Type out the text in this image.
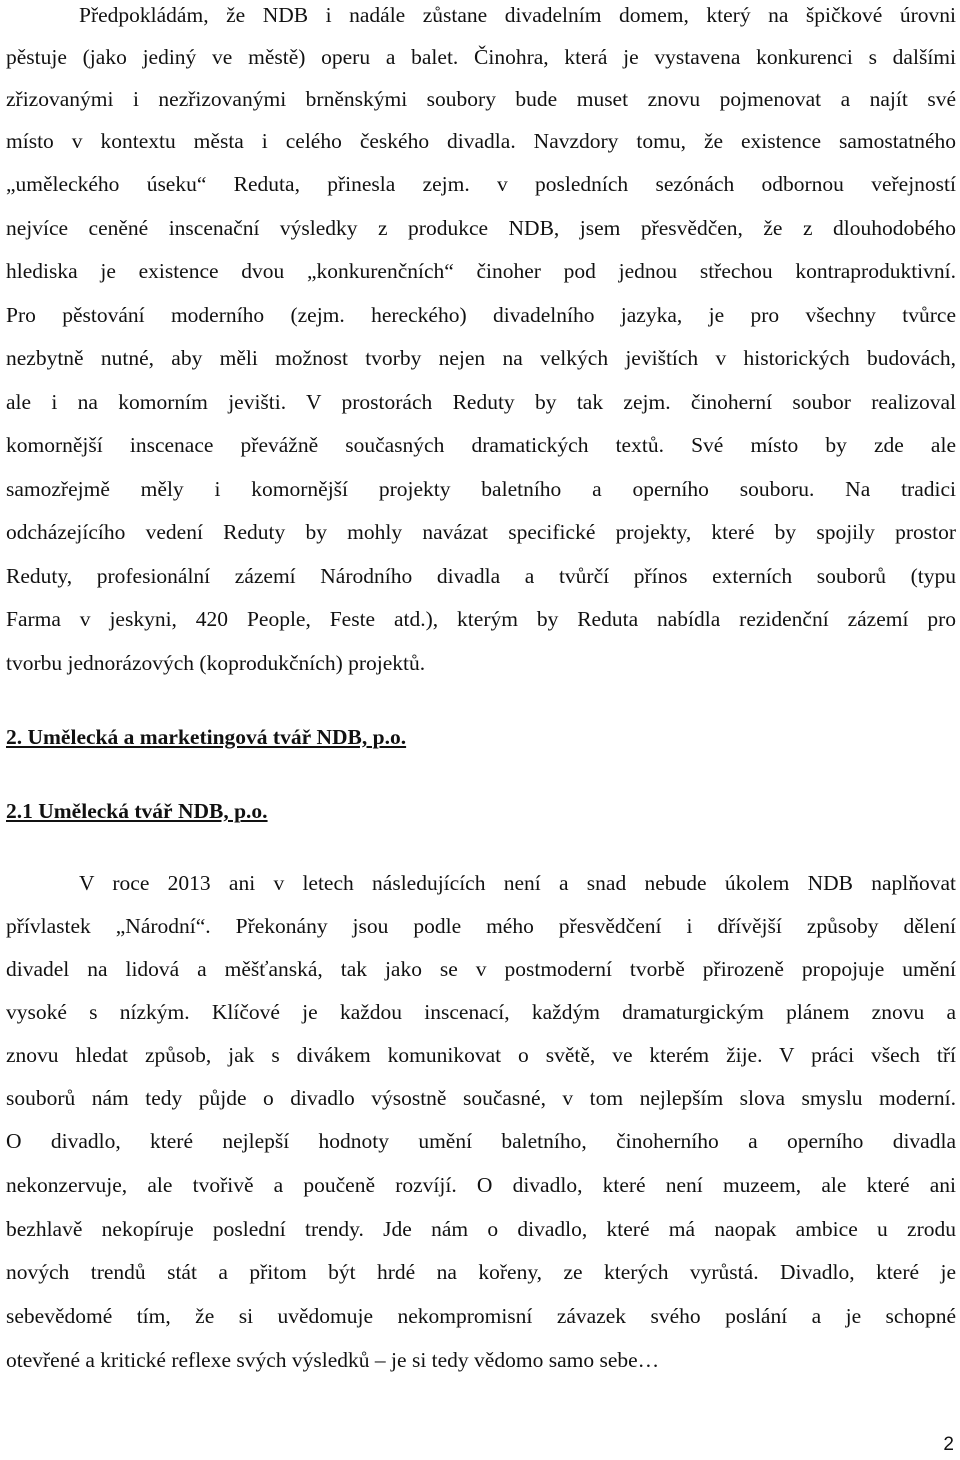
Předpokládám, že NDB i nadále zůstane divadelním domem, který na špičkové úrovni
pěstuje (jako jediný ve městě) operu a balet. Činohra, která je vystavena konkurenci s dalšími
zřizovanými i nezřizovanými brněnskými soubory bude muset znovu pojmenovat a najít své
místo v kontextu města i celého českého divadla. Navzdory tomu, že existence samostatného
„uměleckého úseku“ Reduta, přinesla zejm. v posledních sezónách odbornou veřejností
nejvíce ceněné inscenační výsledky z produkce NDB, jsem přesvědčen, že z dlouhodobého
hlediska je existence dvou „konkurenčních“ činoher pod jednou střechou kontraproduktivní.
Pro pěstování moderního (zejm. hereckého) divadelního jazyka, je pro všechny tvůrce
nezbytně nutné, aby měli možnost tvorby nejen na velkých jevištích v historických budovách,
ale i na komorním jevišti. V prostorách Reduty by tak zejm. činoherní soubor realizoval
komornější inscenace převážně současných dramatických textů. Své místo by zde ale
samozřejmě měly i komornější projekty baletního a operního souboru. Na tradici
odcházejícího vedení Reduty by mohly navázat specifické projekty, které by spojily prostor
Reduty, profesionální zázemí Národního divadla a tvůrčí přínos externích souborů (typu
Farma v jeskyni, 420 People, Feste atd.), kterým by Reduta nabídla rezidenční zázemí pro
tvorbu jednorázových (koprodukčních) projektů.
2. Umělecká a marketingová tvář NDB, p.o.
2.1 Umělecká tvář NDB, p.o.
V roce 2013 ani v letech následujících není a snad nebude úkolem NDB naplňovat
přívlastek „Národní“. Překonány jsou podle mého přesvědčení i dřívější způsoby dělení
divadel na lidová a měšťanská, tak jako se v postmoderní tvorbě přirozeně propojuje umění
vysoké s nízkým. Klíčové je každou inscenací, každým dramaturgickým plánem znovu a
znovu hledat způsob, jak s divákem komunikovat o světě, ve kterém žije. V práci všech tří
souborů nám tedy půjde o divadlo výsostně současné, v tom nejlepším slova smyslu moderní.
O divadlo, které nejlepší hodnoty umění baletního, činoherního a operního divadla
nekonzervuje, ale tvořivě a poučeně rozvíjí. O divadlo, které není muzeem, ale které ani
bezhlavě nekopíruje poslední trendy. Jde nám o divadlo, které má naopak ambice u zrodu
nových trendů stát a přitom být hrdé na kořeny, ze kterých vyrůstá. Divadlo, které je
sebevědomé tím, že si uvědomuje nekompromisní závazek svého poslání a je schopné
otevřené a kritické reflexe svých výsledků – je si tedy vědomo samo sebe…
2
